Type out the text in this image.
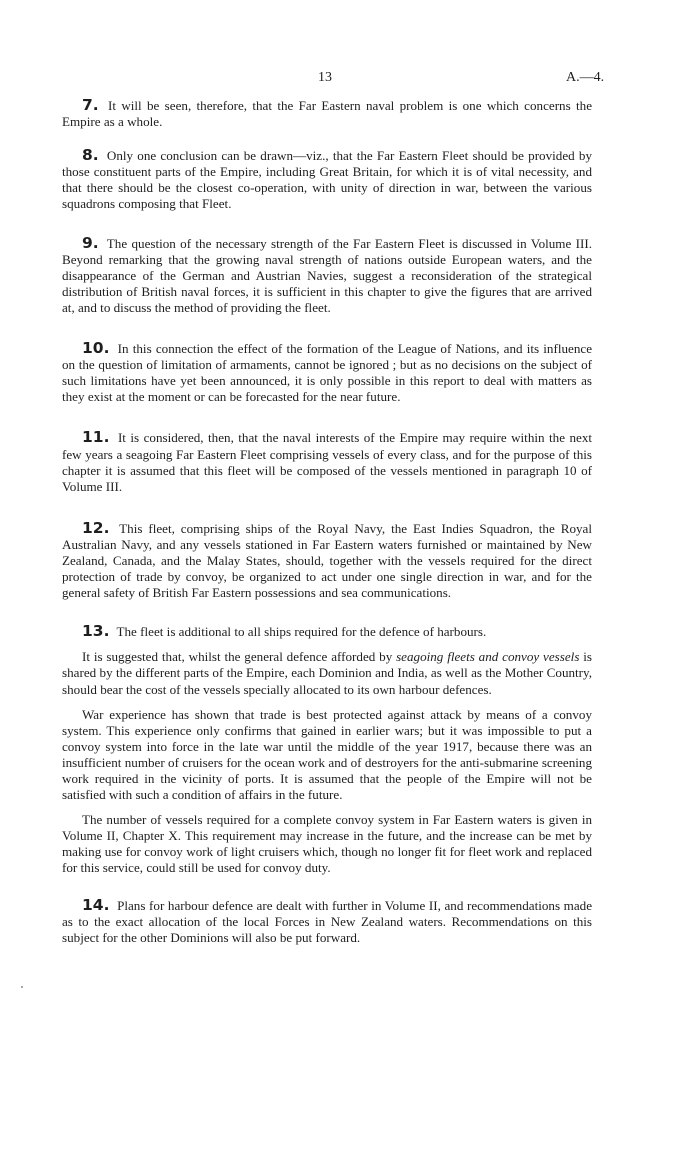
13	A.—4.

7. It will be seen, therefore, that the Far Eastern naval problem is one which concerns the Empire as a whole.

8. Only one conclusion can be drawn—viz., that the Far Eastern Fleet should be provided by those constituent parts of the Empire, including Great Britain, for which it is of vital necessity, and that there should be the closest co-operation, with unity of direction in war, between the various squadrons composing that Fleet.

9. The question of the necessary strength of the Far Eastern Fleet is discussed in Volume III. Beyond remarking that the growing naval strength of nations outside European waters, and the disappearance of the German and Austrian Navies, suggest a reconsideration of the strategical distribution of British naval forces, it is sufficient in this chapter to give the figures that are arrived at, and to discuss the method of providing the fleet.

10. In this connection the effect of the formation of the League of Nations, and its influence on the question of limitation of armaments, cannot be ignored ; but as no decisions on the subject of such limitations have yet been announced, it is only possible in this report to deal with matters as they exist at the moment or can be forecasted for the near future.

11. It is considered, then, that the naval interests of the Empire may require within the next few years a seagoing Far Eastern Fleet comprising vessels of every class, and for the purpose of this chapter it is assumed that this fleet will be composed of the vessels mentioned in paragraph 10 of Volume III.

12. This fleet, comprising ships of the Royal Navy, the East Indies Squadron, the Royal Australian Navy, and any vessels stationed in Far Eastern waters furnished or maintained by New Zealand, Canada, and the Malay States, should, together with the vessels required for the direct protection of trade by convoy, be organized to act under one single direction in war, and for the general safety of British Far Eastern possessions and sea communications.

13. The fleet is additional to all ships required for the defence of harbours.

It is suggested that, whilst the general defence afforded by seagoing fleets and convoy vessels is shared by the different parts of the Empire, each Dominion and India, as well as the Mother Country, should bear the cost of the vessels specially allocated to its own harbour defences.

War experience has shown that trade is best protected against attack by means of a convoy system. This experience only confirms that gained in earlier wars; but it was impossible to put a convoy system into force in the late war until the middle of the year 1917, because there was an insufficient number of cruisers for the ocean work and of destroyers for the anti-submarine screening work required in the vicinity of ports. It is assumed that the people of the Empire will not be satisfied with such a condition of affairs in the future.

The number of vessels required for a complete convoy system in Far Eastern waters is given in Volume II, Chapter X. This requirement may increase in the future, and the increase can be met by making use for convoy work of light cruisers which, though no longer fit for fleet work and replaced for this service, could still be used for convoy duty.

14. Plans for harbour defence are dealt with further in Volume II, and recommendations made as to the exact allocation of the local Forces in New Zealand waters. Recommendations on this subject for the other Dominions will also be put forward.
